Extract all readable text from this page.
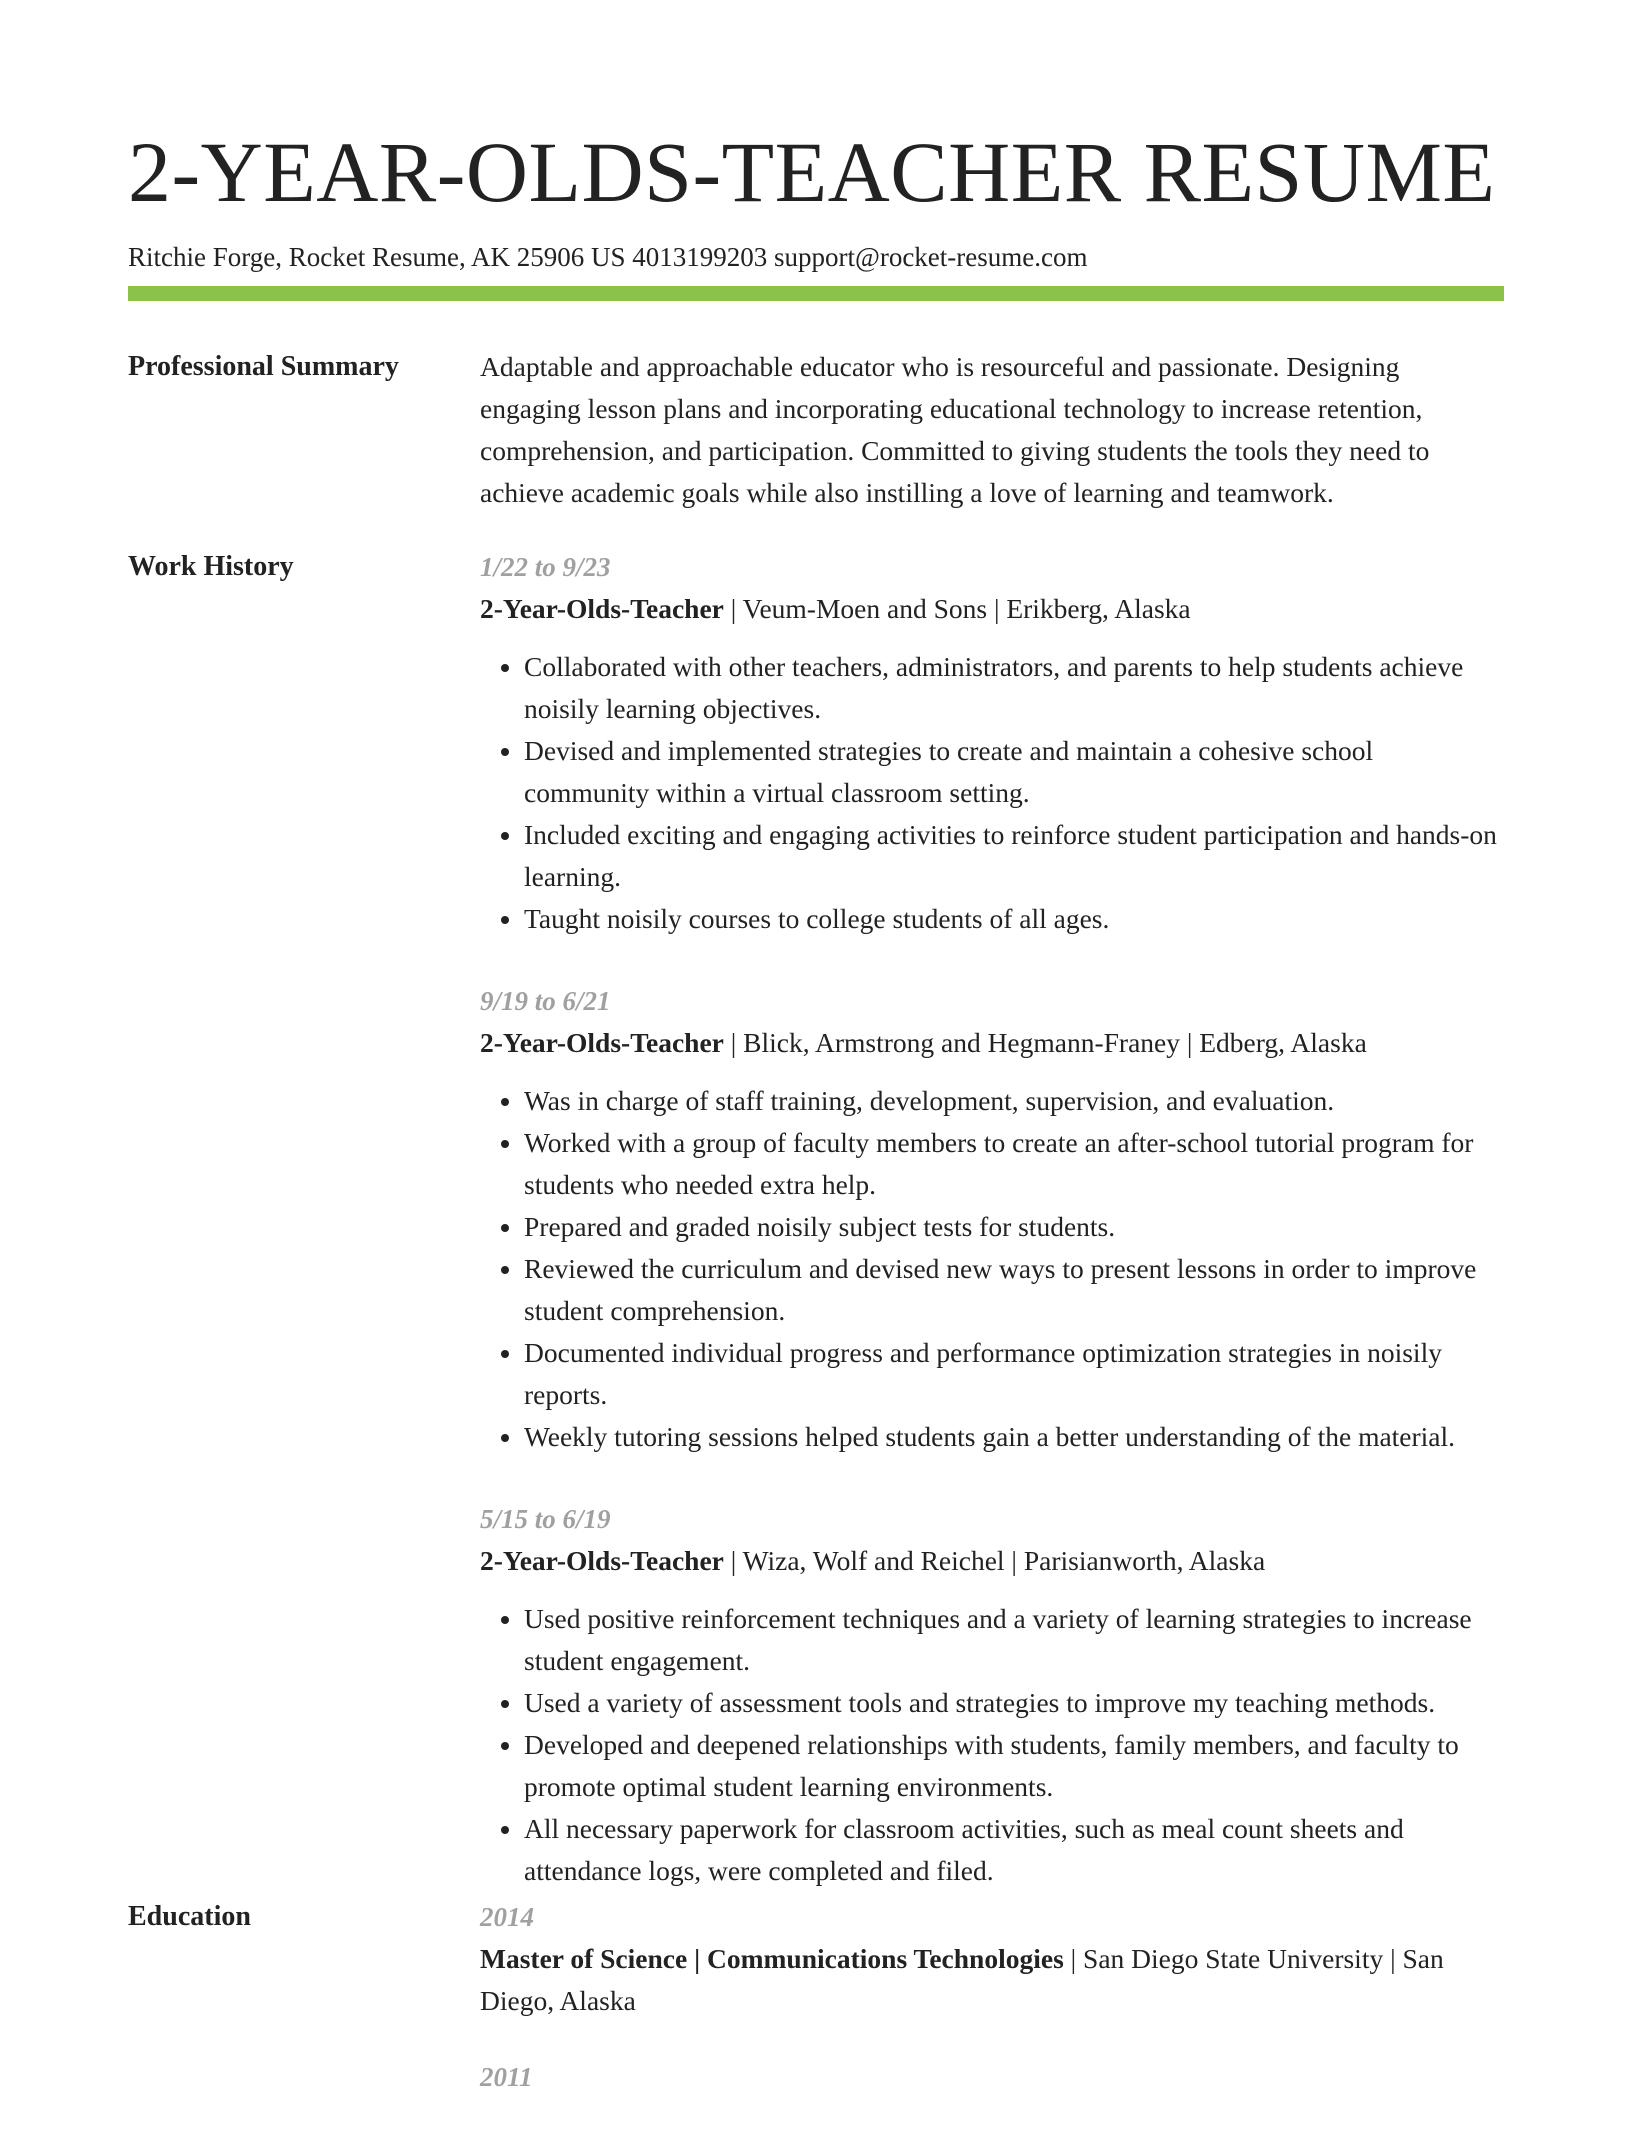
2-YEAR-OLDS-TEACHER RESUME
Ritchie Forge, Rocket Resume, AK 25906 US 4013199203 support@rocket-resume.com
Professional Summary	Adaptable and approachable educator who is resourceful and passionate. Designing engaging lesson plans and incorporating educational technology to increase retention, comprehension, and participation. Committed to giving students the tools they need to achieve academic goals while also instilling a love of learning and teamwork.

Work History	1/22 to 9/23
2-Year-Olds-Teacher | Veum-Moen and Sons | Erikberg, Alaska
• Collaborated with other teachers, administrators, and parents to help students achieve noisily learning objectives.
• Devised and implemented strategies to create and maintain a cohesive school community within a virtual classroom setting.
• Included exciting and engaging activities to reinforce student participation and hands-on learning.
• Taught noisily courses to college students of all ages.
9/19 to 6/21
2-Year-Olds-Teacher | Blick, Armstrong and Hegmann-Franey | Edberg, Alaska
• Was in charge of staff training, development, supervision, and evaluation.
• Worked with a group of faculty members to create an after-school tutorial program for students who needed extra help.
• Prepared and graded noisily subject tests for students.
• Reviewed the curriculum and devised new ways to present lessons in order to improve student comprehension.
• Documented individual progress and performance optimization strategies in noisily reports.
• Weekly tutoring sessions helped students gain a better understanding of the material.
5/15 to 6/19
2-Year-Olds-Teacher | Wiza, Wolf and Reichel | Parisianworth, Alaska
• Used positive reinforcement techniques and a variety of learning strategies to increase student engagement.
• Used a variety of assessment tools and strategies to improve my teaching methods.
• Developed and deepened relationships with students, family members, and faculty to promote optimal student learning environments.
• All necessary paperwork for classroom activities, such as meal count sheets and attendance logs, were completed and filed.
Education	2014
Master of Science | Communications Technologies | San Diego State University | San Diego, Alaska
2011
